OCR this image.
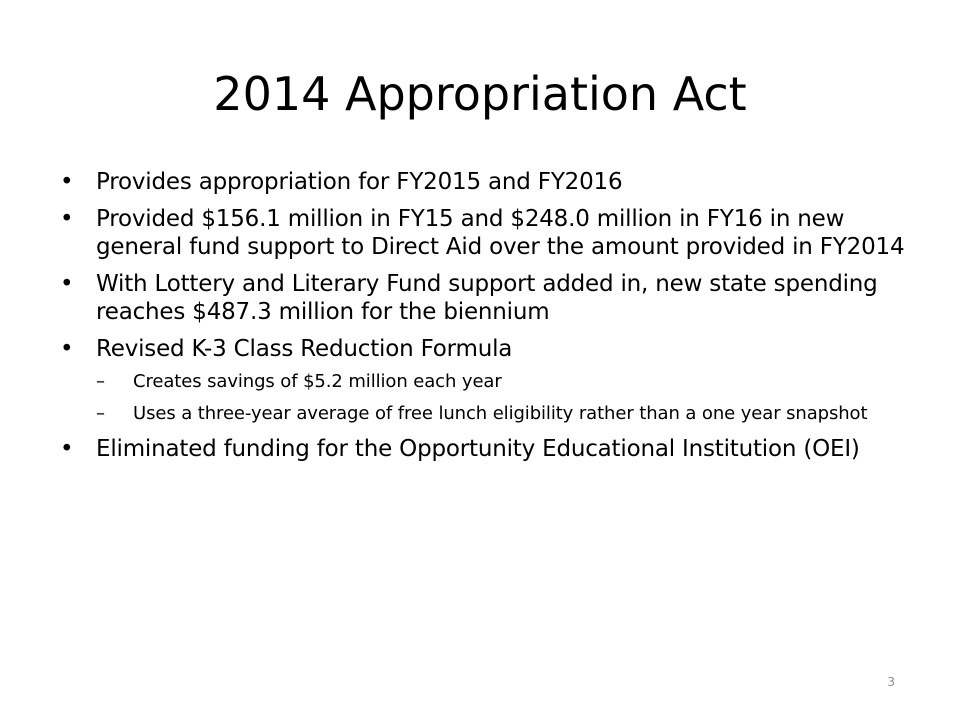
2014 Appropriation Act
• Provides appropriation for FY2015 and FY2016
• Provided $156.1 million in FY15 and $248.0 million in FY16 in new general fund support to Direct Aid over the amount provided in FY2014
• With Lottery and Literary Fund support added in, new state spending reaches $487.3 million for the biennium
• Revised K-3 Class Reduction Formula
– Creates savings of $5.2 million each year
– Uses a three-year average of free lunch eligibility rather than a one year snapshot
• Eliminated funding for the Opportunity Educational Institution (OEI)
3
